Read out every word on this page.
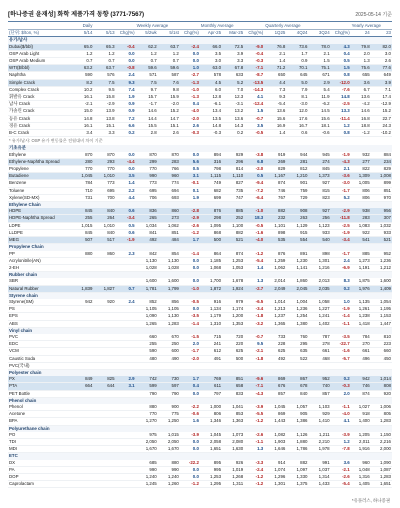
[하나증권 윤재성] 화학 제품가격 동향 (3771-7567)	2025-05-14 기준
	Daily			Weekly Average			Monthly Average			Quarterly Average				Yearly Average	
(단위: $/ton, %)	5/14	5/13	Chg(%)	5/2wk	5/1st	Chg(%)	Apr-25	Mar-25	Chg(%)	1Q25	4Q24	3Q24	Chg(%)	24	23
유가/납사															
Dubai($/bbl)	65.0	65.3	-0.4	62.2	63.7	-2.4	66.0	72.5	-9.0	76.8	73.6	78.0	4.3	79.8	82.0
OSP Arab Light	1.2	1.2	0.0	1.2	1.2	0.0	3.5	3.9	-0.4	2.1	1.7	2.1	0.4	2.0	3.0
OSP Arab Medium	0.7	0.7	0.0	0.7	0.7	0.0	3.0	3.3	-0.3	1.4	0.9	1.5	0.5	1.3	2.6
WTI($/bbl)	63.2	63.7	-0.8	59.6	59.6	1.0	63.0	67.8	-7.1	71.2	70.1	75.1	1.5	75.6	77.6
Naphtha	590	576	2.4	571	587	-2.7	578	633	-8.7	650	645	671	0.8	655	649
Simple Crack	8.2	7.5	9.3	7.5	7.6	-1.3	4.5	5.2	-13.5	4.4	5.0	2.9	-12.0	3.6	3.9
Complex Crack	10.2	9.5	7.4	9.7	9.8	-1.0	6.0	7.0	-14.3	7.3	7.9	5.4	-7.6	6.7	7.1
휘발유 Crack	16.1	15.8	1.9	15.7	15.9	-1.3	12.8	12.3	4.1	9.3	8.1	11.9	14.8	13.6	17.4
납사 Crack	-2.1	-2.9	0.9	-1.7	-2.0	0.4	-6.1	-3.1	-12.4	-5.4	-3.0	-6.2	-2.5	-4.2	-12.9
가솔린 Crack	15.0	13.9	0.9	14.6	15.2	-4.0	13.4	13.2	1.5	13.6	12.0	14.5	13.3	14.6	15.2
등유 Crack	14.8	13.8	7.2	14.4	14.7	-2.0	13.5	13.6	-0.7	15.6	17.6	15.6	-11.4	16.8	22.7
경유 Crack	16.1	15.1	6.6	15.5	15.1	2.6	14.8	14.3	3.5	16.9	16.7	18.1	1.2	18.8	24.3
B-C Crack	3.4	3.3	0.2	2.8	2.6	-0.3	-0.3	0.2	-0.5	1.4	0.6	-0.6	0.8	-1.2	-10.2
* 유가/납사: OSP 유가 변동률은 전월대비 차이 기준															
기초유분															
Ethylene	870	870	0.0	870	870	0.0	894	929	-3.8	919	944	945	-1.9	932	884
Ethylene-Naphtha Spread	280	293	-4.4	299	283	5.6	316	296	6.8	269	281	274	-4.3	277	234
Propylene	770	770	0.0	770	766	0.5	798	814	-2.0	829	812	845	2.1	822	829
Butadiene	1,045	1,010	3.5	990	960	3.1	1,115	1,110	0.5	1,167	1,210	1,373	-3.6	1,309	1,008
Benzene	784	773	1.4	773	774	-0.1	749	827	-9.4	874	901	927	-3.0	1,005	899
Toluene	710	695	2.2	695	694	0.1	682	735	-7.2	746	759	815	-1.7	806	851
Xylene(SD-MX)	731	700	4.4	706	693	1.9	699	747	-6.4	767	729	823	5.2	806	970
Ethylene Chain															
HDPE	845	840	0.6	836	860	-2.8	876	885	-1.0	882	908	927	-2.9	938	956
HDPE-Naphtha Spread	255	264	-3.4	265	273	-2.9	298	252	18.3	232	263	256	-11.8	283	307
LDPE	1,015	1,010	0.5	1,034	1,062	-2.6	1,095	1,100	-0.5	1,101	1,129	1,123	-2.5	1,083	1,032
LLDPE	845	840	0.6	841	851	-1.2	868	882	-1.6	898	915	933	-1.9	922	933
MEG	507	517	-1.9	492	484	1.7	500	521	-4.0	535	554	540	-3.4	541	521
Propylene Chain															
PP	880	860	2.3	842	854	-1.4	864	874	-1.2	876	891	898	-1.7	885	952
Acrylonitrile(AN)				1,130	1,130	0.0	1,185	1,253	-5.4	1,259	1,230	1,301	2.4	1,273	1,236
2-EH				1,028	1,028	0.0	1,068	1,053	1.4	1,062	1,141	1,216	-6.9	1,191	1,212
Rubber chain															
SBR				1,600	1,600	0.0	1,700	1,678	1.3	2,014	1,860	2,013	8.3	1,875	1,600
Natural Rubber	1,839	1,827	0.7	1,781	1,799	-1.0	1,872	1,924	-2.7	2,049	2,045	2,035	0.2	1,976	1,409
Styrene chain															
Styrene(SM)	942	920	2.4	852	856	-0.5	916	979	-6.5	1,014	1,004	1,058	1.0	1,135	1,054
PS				1,105	1,105	0.0	1,134	1,174	-3.4	1,213	1,236	1,227	-1.9	1,261	1,195
EPS				1,090	1,130	-3.5	1,179	1,200	-1.8	1,237	1,254	1,241	-1.4	1,238	1,153
ABS				1,265	1,283	-1.4	1,310	1,353	-3.2	1,365	1,380	1,402	-1.1	1,418	1,447
Vinyl chain															
PVC				660	670	-1.5	715	720	-0.7	733	760	787	-3.5	784	810
EDC				255	250	2.0	241	220	9.5	228	295	278	-22.7	270	223
VCM				590	600	-1.7	612	625	-2.1	625	635	661	-1.6	661	660
Caustic Soda				480	490	-2.0	491	500	-1.8	492	522	468	-5.7	496	450
PVC(국내)															
Polyester chain															
PX	849	825	2.9	742	730	1.7	769	851	-9.6	869	867	952	0.2	942	1,014
PTA	664	644	3.1	599	597	0.4	611	658	-7.1	676	678	740	-0.3	746	808
PET Bottle				790	790	0.0	797	833	-4.3	857	840	857	2.0	874	920
Phenol chain															
Phenol				880	900	-2.2	1,000	1,041	-3.9	1,045	1,057	1,103	-1.1	1,027	1,006
Acetone				770	775	-0.6	806	853	-5.5	869	905	929	-4.0	918	805
BPA				1,270	1,250	1.6	1,346	1,363	-1.2	1,443	1,386	1,410	4.1	1,400	1,283
Polyurethane chain															
PO				975	1,015	-3.9	1,045	1,073	-2.6	1,082	1,126	1,211	-3.9	1,205	1,150
TDI				2,050	2,050	0.0	2,058	2,080	-1.1	1,903	1,880	2,210	1.2	2,011	2,216
MDI				1,670	1,670	0.0	1,651	1,630	1.3	1,646	1,786	1,978	-7.8	1,916	2,000
ETC															
DX				685	880	-22.2	895	926	-3.3	914	882	991	3.6	960	1,090
PA				990	990	0.0	995	1,019	-2.4	1,074	1,097	1,037	-2.1	1,048	1,087
DOP				1,240	1,240	0.0	1,253	1,268	-1.2	1,296	1,330	1,314	-2.6	1,316	1,283
Caprolactam				1,245	1,260	-1.2	1,295	1,311	-1.2	1,301	1,375	1,433	-5.4	1,405	1,651
*유플러스, 하나증권
